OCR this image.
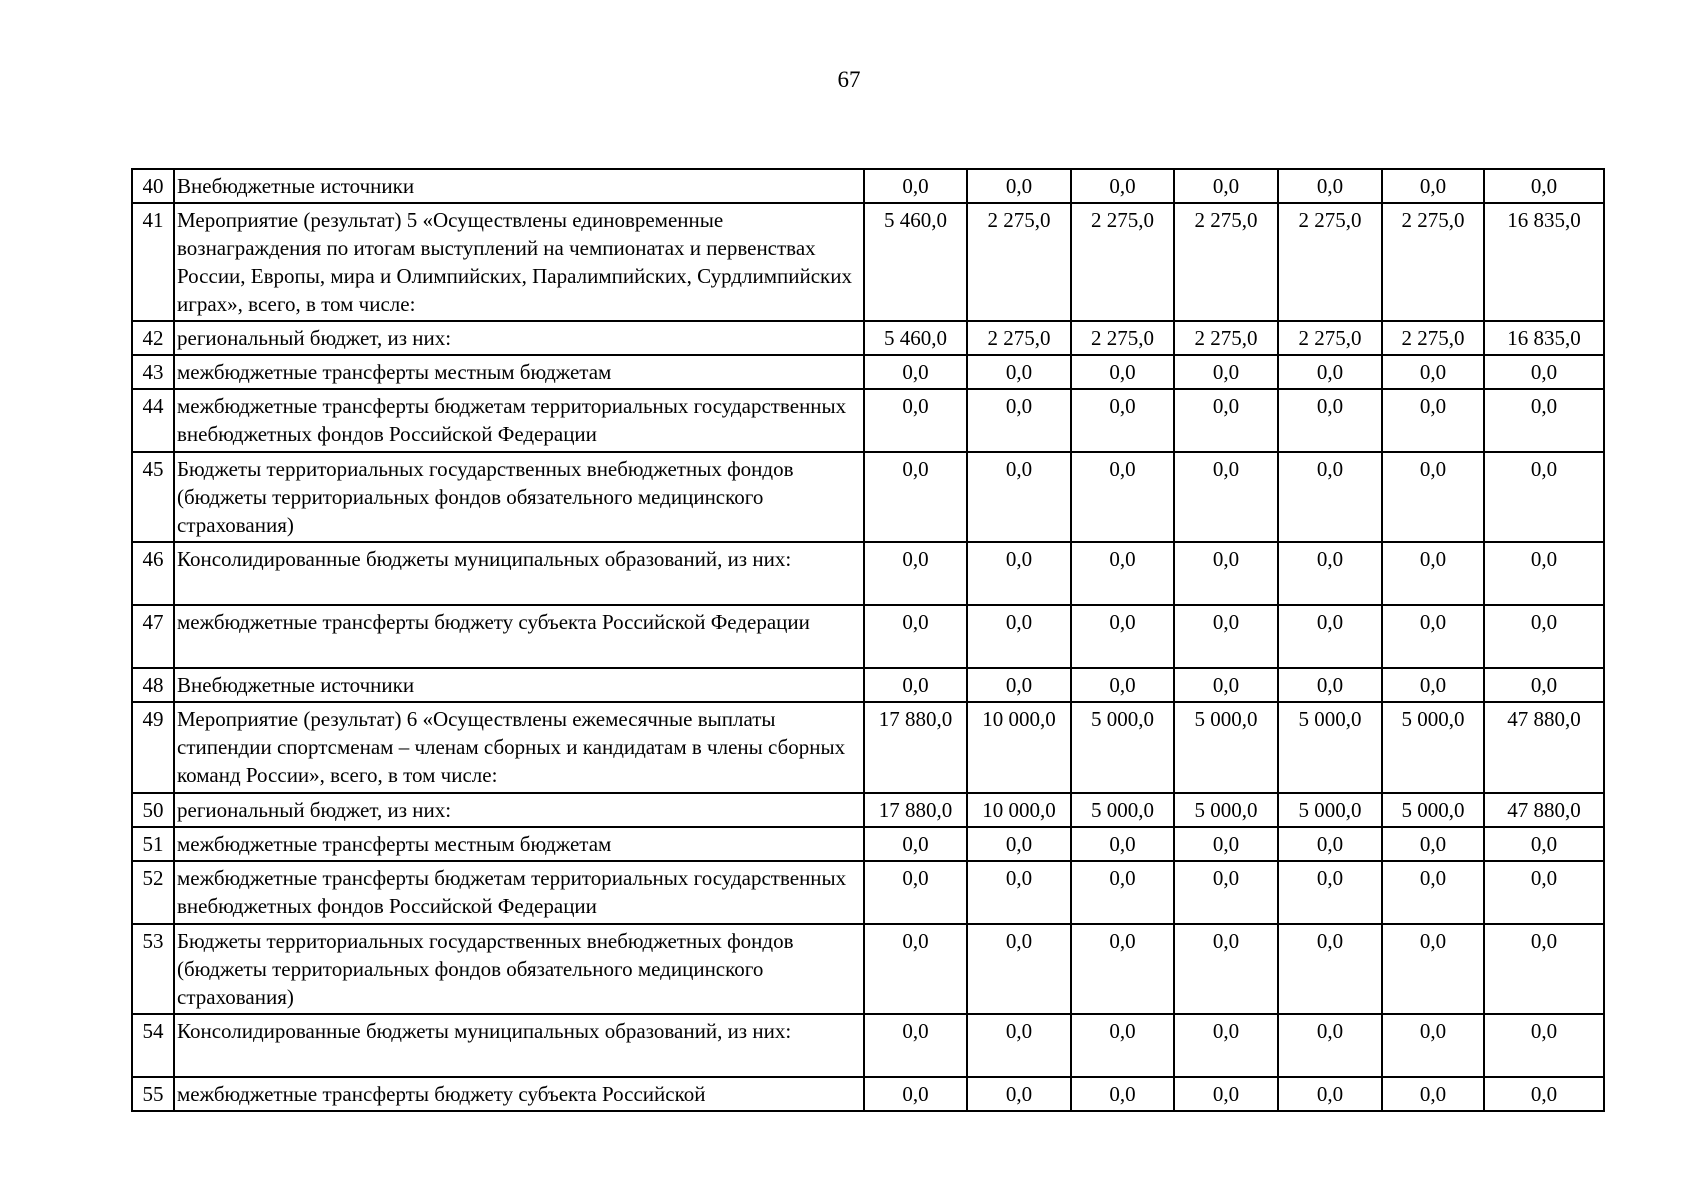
67
40	Внебюджетные источники	0,0	0,0	0,0	0,0	0,0	0,0	0,0
41	Мероприятие (результат) 5 «Осуществлены единовременные вознаграждения по итогам выступлений на чемпионатах и первенствах России, Европы, мира и Олимпийских, Паралимпийских, Сурдлимпийских играх», всего, в том числе:	5 460,0	2 275,0	2 275,0	2 275,0	2 275,0	2 275,0	16 835,0
42	региональный бюджет, из них:	5 460,0	2 275,0	2 275,0	2 275,0	2 275,0	2 275,0	16 835,0
43	межбюджетные трансферты местным бюджетам	0,0	0,0	0,0	0,0	0,0	0,0	0,0
44	межбюджетные трансферты бюджетам территориальных государственных внебюджетных фондов Российской Федерации	0,0	0,0	0,0	0,0	0,0	0,0	0,0
45	Бюджеты территориальных государственных внебюджетных фондов (бюджеты территориальных фондов обязательного медицинского страхования)	0,0	0,0	0,0	0,0	0,0	0,0	0,0
46	Консолидированные бюджеты муниципальных образований, из них:	0,0	0,0	0,0	0,0	0,0	0,0	0,0
47	межбюджетные трансферты бюджету субъекта Российской Федерации	0,0	0,0	0,0	0,0	0,0	0,0	0,0
48	Внебюджетные источники	0,0	0,0	0,0	0,0	0,0	0,0	0,0
49	Мероприятие (результат) 6 «Осуществлены ежемесячные выплаты стипендии спортсменам – членам сборных и кандидатам в члены сборных команд России», всего, в том числе:	17 880,0	10 000,0	5 000,0	5 000,0	5 000,0	5 000,0	47 880,0
50	региональный бюджет, из них:	17 880,0	10 000,0	5 000,0	5 000,0	5 000,0	5 000,0	47 880,0
51	межбюджетные трансферты местным бюджетам	0,0	0,0	0,0	0,0	0,0	0,0	0,0
52	межбюджетные трансферты бюджетам территориальных государственных внебюджетных фондов Российской Федерации	0,0	0,0	0,0	0,0	0,0	0,0	0,0
53	Бюджеты территориальных государственных внебюджетных фондов (бюджеты территориальных фондов обязательного медицинского страхования)	0,0	0,0	0,0	0,0	0,0	0,0	0,0
54	Консолидированные бюджеты муниципальных образований, из них:	0,0	0,0	0,0	0,0	0,0	0,0	0,0
55	межбюджетные трансферты бюджету субъекта Российской	0,0	0,0	0,0	0,0	0,0	0,0	0,0
